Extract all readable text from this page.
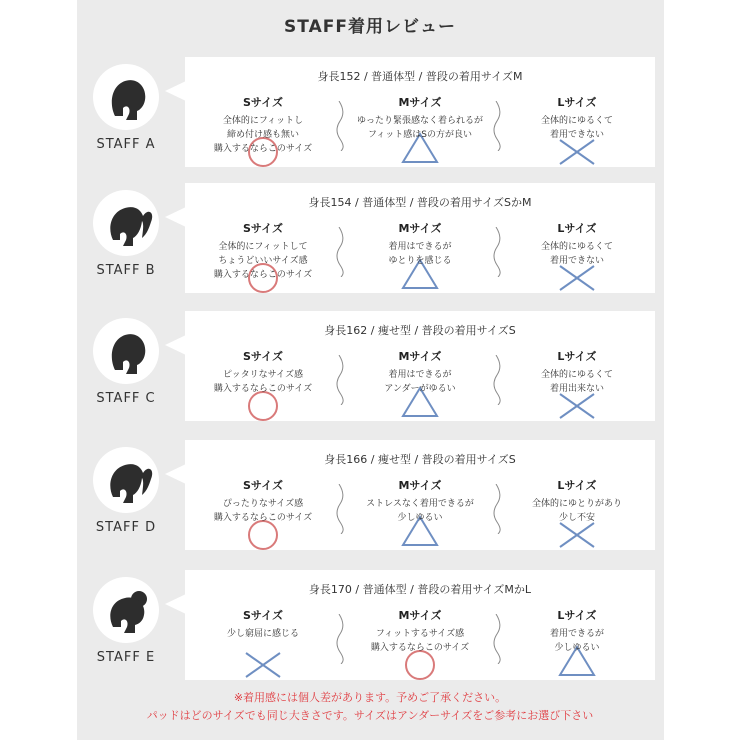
STAFF着用レビュー
STAFF A
身長152 / 普通体型 / 普段の着用サイズM
Sサイズ
全体的にフィットし
締め付け感も無い
購入するならこのサイズ
Mサイズ
ゆったり緊張感なく着られるが
フィット感はSの方が良い
Lサイズ
全体的にゆるくて
着用できない
STAFF B
身長154 / 普通体型 / 普段の着用サイズSかM
Sサイズ
全体的にフィットして
ちょうどいいサイズ感
購入するならこのサイズ
Mサイズ
着用はできるが
ゆとりを感じる
Lサイズ
全体的にゆるくて
着用できない
STAFF C
身長162 / 痩せ型 / 普段の着用サイズS
Sサイズ
ピッタリなサイズ感
購入するならこのサイズ
Mサイズ
着用はできるが
アンダーがゆるい
Lサイズ
全体的にゆるくて
着用出来ない
STAFF D
身長166 / 痩せ型 / 普段の着用サイズS
Sサイズ
ぴったりなサイズ感
購入するならこのサイズ
Mサイズ
ストレスなく着用できるが
少しゆるい
Lサイズ
全体的にゆとりがあり
少し不安
STAFF E
身長170 / 普通体型 / 普段の着用サイズMかL
Sサイズ
少し窮屈に感じる
Mサイズ
フィットするサイズ感
購入するならこのサイズ
Lサイズ
着用できるが
少しゆるい
※着用感には個人差があります。予めご了承ください。
パッドはどのサイズでも同じ大きさです。サイズはアンダーサイズをご参考にお選び下さい
